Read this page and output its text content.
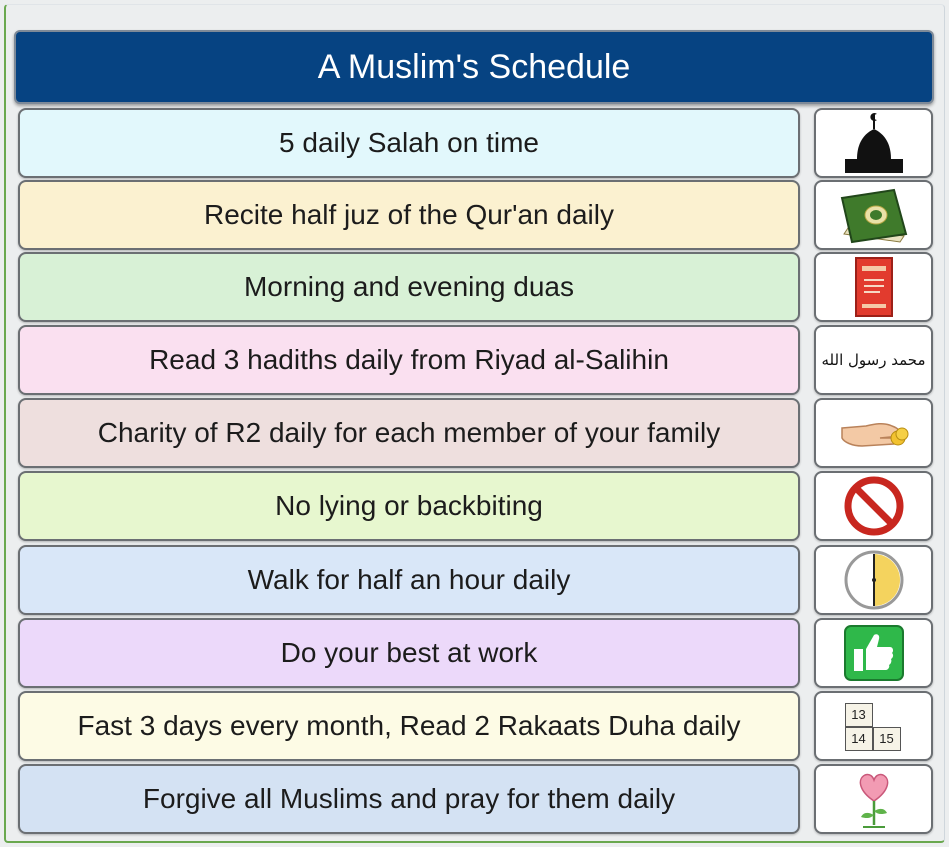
A Muslim's Schedule
5 daily Salah on time
Recite half juz of the Qur'an daily
Morning and evening duas
Read 3 hadiths daily from Riyad al-Salihin	محمد رسول الله
Charity of R2 daily for each member of your family
No lying or backbiting
Walk for half an hour daily
Do your best at work
Fast 3 days every month, Read 2 Rakaats Duha daily	13
14	15
Forgive all Muslims and pray for them daily
